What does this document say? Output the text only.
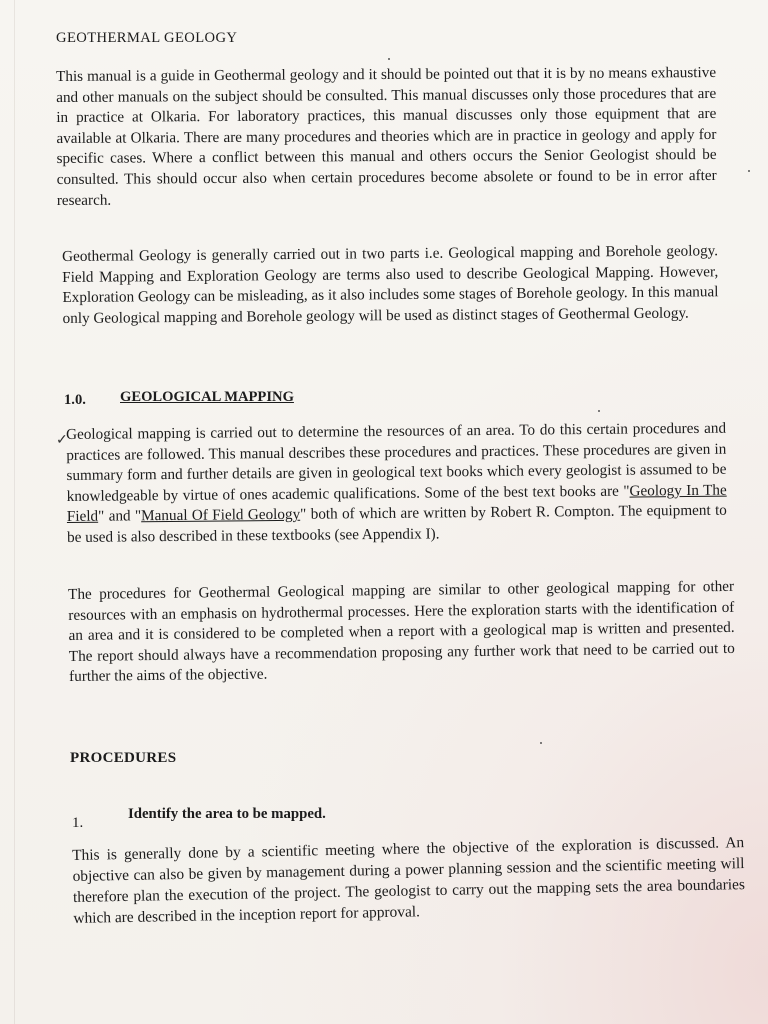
GEOTHERMAL GEOLOGY

This manual is a guide in Geothermal geology and it should be pointed out that it is by no means exhaustive and other manuals on the subject should be consulted. This manual discusses only those procedures that are in practice at Olkaria. For laboratory practices, this manual discusses only those equipment that are available at Olkaria. There are many procedures and theories which are in practice in geology and apply for specific cases. Where a conflict between this manual and others occurs the Senior Geologist should be consulted. This should occur also when certain procedures become absolete or found to be in error after research.

Geothermal Geology is generally carried out in two parts i.e. Geological mapping and Borehole geology. Field Mapping and Exploration Geology are terms also used to describe Geological Mapping. However, Exploration Geology can be misleading, as it also includes some stages of Borehole geology. In this manual only Geological mapping and Borehole geology will be used as distinct stages of Geothermal Geology.

1.0. GEOLOGICAL MAPPING
✓

Geological mapping is carried out to determine the resources of an area. To do this certain procedures and practices are followed. This manual describes these procedures and practices. These procedures are given in summary form and further details are given in geological text books which every geologist is assumed to be knowledgeable by virtue of ones academic qualifications. Some of the best text books are "Geology In The Field" and "Manual Of Field Geology" both of which are written by Robert R. Compton. The equipment to be used is also described in these textbooks (see Appendix I).

The procedures for Geothermal Geological mapping are similar to other geological mapping for other resources with an emphasis on hydrothermal processes. Here the exploration starts with the identification of an area and it is considered to be completed when a report with a geological map is written and presented. The report should always have a recommendation proposing any further work that need to be carried out to further the aims of the objective.

PROCEDURES
1.
Identify the area to be mapped.

This is generally done by a scientific meeting where the objective of the exploration is discussed. An objective can also be given by management during a power planning session and the scientific meeting will therefore plan the execution of the project. The geologist to carry out the mapping sets the area boundaries which are described in the inception report for approval.
